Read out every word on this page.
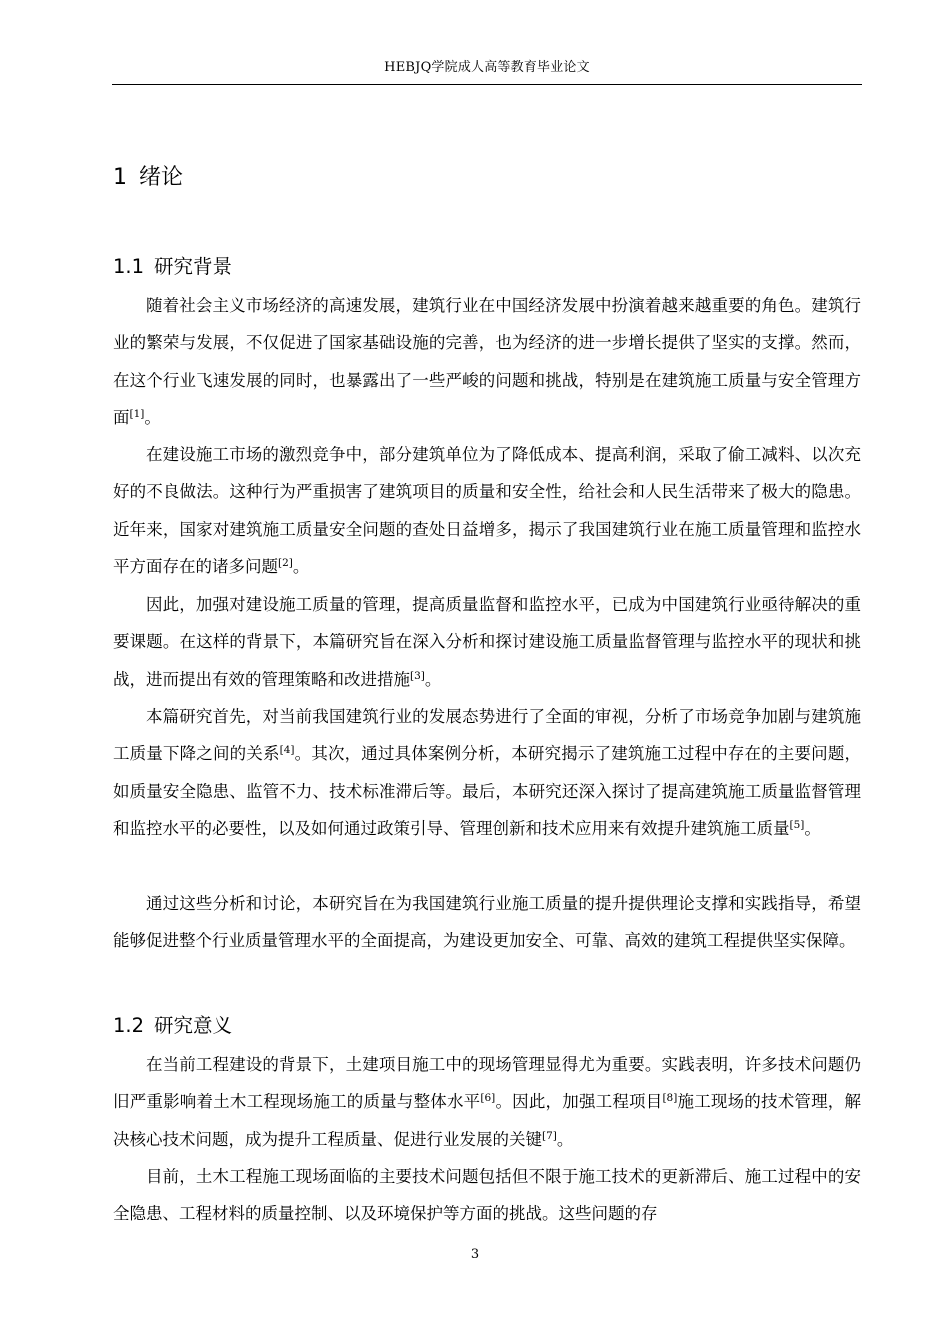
HEBJQ学院成人高等教育毕业论文
1 绪论
1.1 研究背景

随着社会主义市场经济的高速发展，建筑行业在中国经济发展中扮演着越来越重要的角色。建筑行业的繁荣与发展，不仅促进了国家基础设施的完善，也为经济的进一步增长提供了坚实的支撑。然而，在这个行业飞速发展的同时，也暴露出了一些严峻的问题和挑战，特别是在建筑施工质量与安全管理方面[1]。

在建设施工市场的激烈竞争中，部分建筑单位为了降低成本、提高利润，采取了偷工减料、以次充好的不良做法。这种行为严重损害了建筑项目的质量和安全性，给社会和人民生活带来了极大的隐患。近年来，国家对建筑施工质量安全问题的查处日益增多，揭示了我国建筑行业在施工质量管理和监控水平方面存在的诸多问题[2]。

因此，加强对建设施工质量的管理，提高质量监督和监控水平，已成为中国建筑行业亟待解决的重要课题。在这样的背景下，本篇研究旨在深入分析和探讨建设施工质量监督管理与监控水平的现状和挑战，进而提出有效的管理策略和改进措施[3]。

本篇研究首先，对当前我国建筑行业的发展态势进行了全面的审视，分析了市场竞争加剧与建筑施工质量下降之间的关系[4]。其次，通过具体案例分析，本研究揭示了建筑施工过程中存在的主要问题，如质量安全隐患、监管不力、技术标准滞后等。最后，本研究还深入探讨了提高建筑施工质量监督管理和监控水平的必要性，以及如何通过政策引导、管理创新和技术应用来有效提升建筑施工质量[5]。

通过这些分析和讨论，本研究旨在为我国建筑行业施工质量的提升提供理论支撑和实践指导，希望能够促进整个行业质量管理水平的全面提高，为建设更加安全、可靠、高效的建筑工程提供坚实保障。

1.2 研究意义

在当前工程建设的背景下，土建项目施工中的现场管理显得尤为重要。实践表明，许多技术问题仍旧严重影响着土木工程现场施工的质量与整体水平[6]。因此，加强工程项目[8]施工现场的技术管理，解决核心技术问题，成为提升工程质量、促进行业发展的关键[7]。

目前，土木工程施工现场面临的主要技术问题包括但不限于施工技术的更新滞后、施工过程中的安全隐患、工程材料的质量控制、以及环境保护等方面的挑战。这些问题的存

3
